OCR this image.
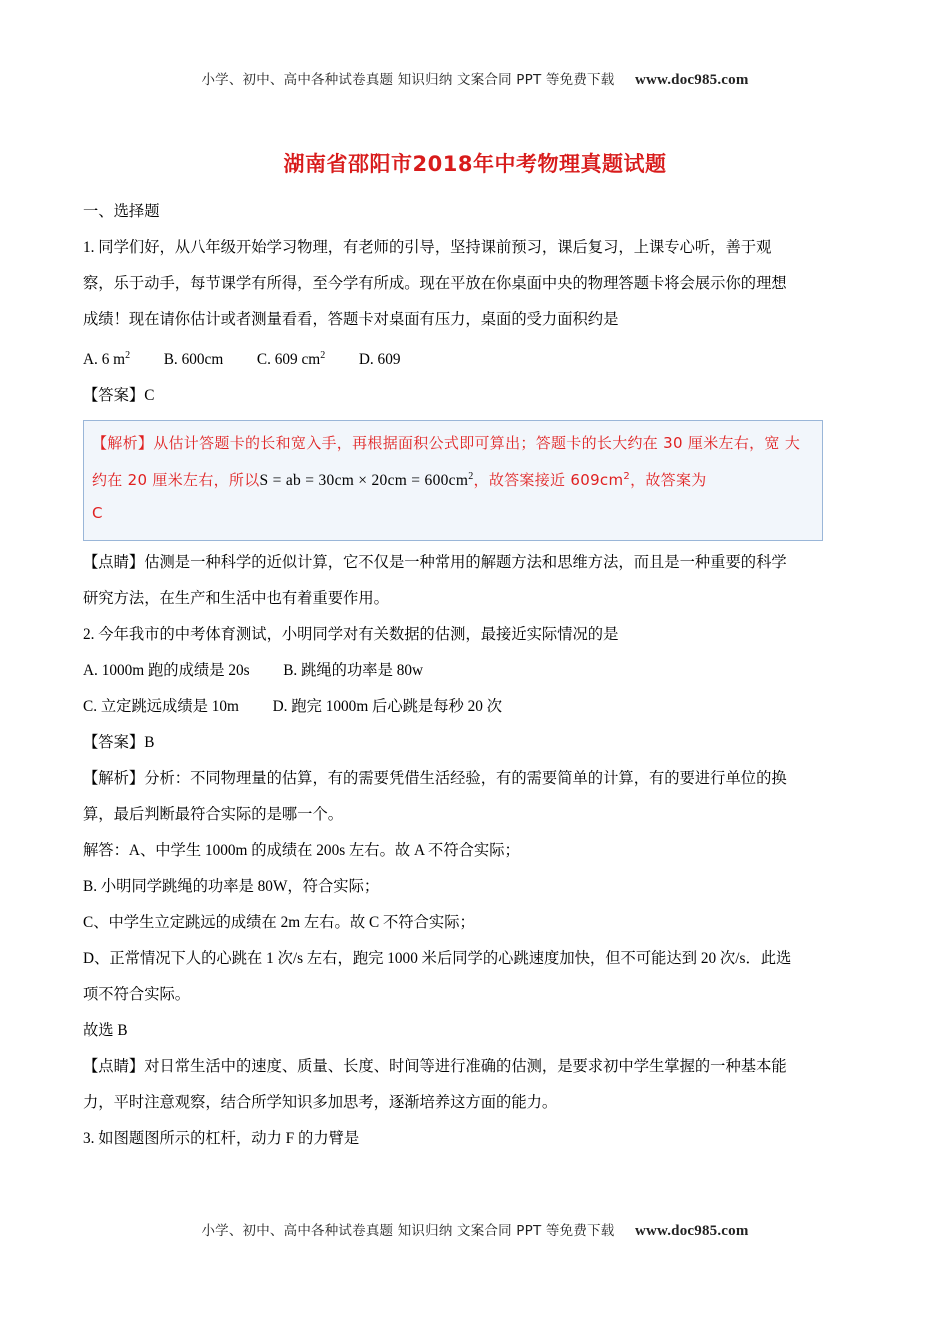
小学、初中、高中各种试卷真题 知识归纳 文案合同 PPT 等免费下载 www.doc985.com
湖南省邵阳市2018年中考物理真题试题

一、选择题

1. 同学们好，从八年级开始学习物理，有老师的引导，坚持课前预习，课后复习，上课专心听，善于观

察，乐于动手，每节课学有所得，至今学有所成。现在平放在你桌面中央的物理答题卡将会展示你的理想

成绩！现在请你估计或者测量看看，答题卡对桌面有压力，桌面的受力面积约是

A. 6 $m^2$ B. 600cm C. 609 $cm^2$ D. 609

【答案】C

【解析】从估计答题卡的长和宽入手，再根据面积公式即可算出；答题卡的长大约在 30 厘米左右，宽 大约在 20 厘米左右，所以S = ab = $30cm \times 20cm = 600cm^2$，故答案接近 $609cm^2$，故答案为
C

【点睛】估测是一种科学的近似计算，它不仅是一种常用的解题方法和思维方法，而且是一种重要的科学

研究方法，在生产和生活中也有着重要作用。

2. 今年我市的中考体育测试，小明同学对有关数据的估测，最接近实际情况的是

A. 1000m 跑的成绩是 20s B. 跳绳的功率是 80w

C. 立定跳远成绩是 10m D. 跑完 1000m 后心跳是每秒 20 次

【答案】B

【解析】分析：不同物理量的估算，有的需要凭借生活经验，有的需要简单的计算，有的要进行单位的换

算，最后判断最符合实际的是哪一个。

解答：A、中学生 1000m 的成绩在 200s 左右。故 A 不符合实际；

B. 小明同学跳绳的功率是 80W，符合实际；

C、中学生立定跳远的成绩在 2m 左右。故 C 不符合实际；

D、正常情况下人的心跳在 1 次/s 左右，跑完 1000 米后同学的心跳速度加快，但不可能达到 20 次/s．此选

项不符合实际。

故选 B

【点睛】对日常生活中的速度、质量、长度、时间等进行准确的估测，是要求初中学生掌握的一种基本能

力，平时注意观察，结合所学知识多加思考，逐渐培养这方面的能力。

3. 如图题图所示的杠杆，动力 F 的力臂是

小学、初中、高中各种试卷真题 知识归纳 文案合同 PPT 等免费下载 www.doc985.com
